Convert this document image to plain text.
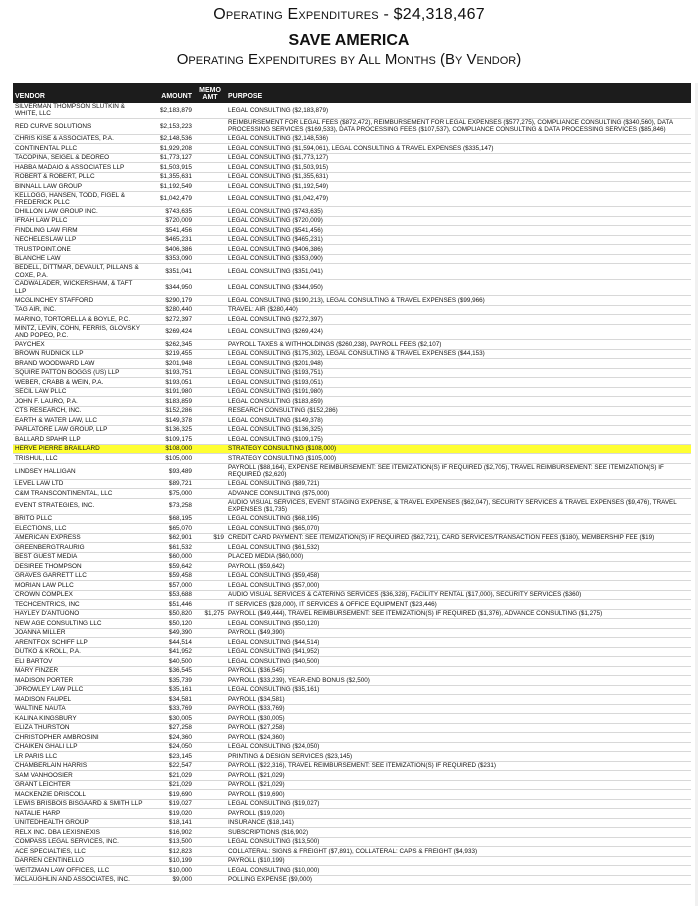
Operating Expenditures - $24,318,467
SAVE AMERICA
Operating Expenditures by All Months (By Vendor)
VENDOR	AMOUNT	MEMO AMT	PURPOSE
SILVERMAN THOMPSON SLUTKIN & WHITE, LLC	$2,183,879		LEGAL CONSULTING ($2,183,879)
RED CURVE SOLUTIONS	$2,153,223		REIMBURSEMENT FOR LEGAL FEES ($872,472), REIMBURSEMENT FOR LEGAL EXPENSES ($577,275), COMPLIANCE CONSULTING ($340,560), DATA PROCESSING SERVICES ($169,533), DATA PROCESSING FEES ($107,537), COMPLIANCE CONSULTING & DATA PROCESSING SERVICES ($85,846)
CHRIS KISE & ASSOCIATES, P.A.	$2,148,536		LEGAL CONSULTING ($2,148,536)
CONTINENTAL PLLC	$1,929,208		LEGAL CONSULTING ($1,594,061), LEGAL CONSULTING & TRAVEL EXPENSES ($335,147)
TACOPINA, SEIGEL & DEOREO	$1,773,127		LEGAL CONSULTING ($1,773,127)
HABBA MADAIO & ASSOCIATES LLP	$1,503,915		LEGAL CONSULTING ($1,503,915)
ROBERT & ROBERT, PLLC	$1,355,631		LEGAL CONSULTING ($1,355,631)
BINNALL LAW GROUP	$1,192,549		LEGAL CONSULTING ($1,192,549)
KELLOGG, HANSEN, TODD, FIGEL & FREDERICK PLLC	$1,042,479		LEGAL CONSULTING ($1,042,479)
DHILLON LAW GROUP INC.	$743,635		LEGAL CONSULTING ($743,635)
IFRAH LAW PLLC	$720,009		LEGAL CONSULTING ($720,009)
FINDLING LAW FIRM	$541,456		LEGAL CONSULTING ($541,456)
NECHELESLAW LLP	$465,231		LEGAL CONSULTING ($465,231)
TRUSTPOINT.ONE	$406,386		LEGAL CONSULTING ($406,386)
BLANCHE LAW	$353,090		LEGAL CONSULTING ($353,090)
BEDELL, DITTMAR, DEVAULT, PILLANS & COXE, P.A.	$351,041		LEGAL CONSULTING ($351,041)
CADWALADER, WICKERSHAM, & TAFT LLP	$344,950		LEGAL CONSULTING ($344,950)
MCGLINCHEY STAFFORD	$290,179		LEGAL CONSULTING ($190,213), LEGAL CONSULTING & TRAVEL EXPENSES ($99,966)
TAG AIR, INC.	$280,440		TRAVEL: AIR ($280,440)
MARINO, TORTORELLA & BOYLE, P.C.	$272,397		LEGAL CONSULTING ($272,397)
MINTZ, LEVIN, COHN, FERRIS, GLOVSKY AND POPEO, P.C.	$269,424		LEGAL CONSULTING ($269,424)
PAYCHEX	$262,345		PAYROLL TAXES & WITHHOLDINGS ($260,238), PAYROLL FEES ($2,107)
BROWN RUDNICK LLP	$219,455		LEGAL CONSULTING ($175,302), LEGAL CONSULTING & TRAVEL EXPENSES ($44,153)
BRAND WOODWARD LAW	$201,948		LEGAL CONSULTING ($201,948)
SQUIRE PATTON BOGGS (US) LLP	$193,751		LEGAL CONSULTING ($193,751)
WEBER, CRABB & WEIN, P.A.	$193,051		LEGAL CONSULTING ($193,051)
SECIL LAW PLLC	$191,980		LEGAL CONSULTING ($191,980)
JOHN F. LAURO, P.A.	$183,859		LEGAL CONSULTING ($183,859)
CTS RESEARCH, INC.	$152,286		RESEARCH CONSULTING ($152,286)
EARTH & WATER LAW, LLC	$149,378		LEGAL CONSULTING ($149,378)
PARLATORE LAW GROUP, LLP	$136,325		LEGAL CONSULTING ($136,325)
BALLARD SPAHR LLP	$109,175		LEGAL CONSULTING ($109,175)
HERVE PIERRE BRAILLARD	$108,000		STRATEGY CONSULTING ($108,000)
TRISHUL, LLC	$105,000		STRATEGY CONSULTING ($105,000)
LINDSEY HALLIGAN	$93,489		PAYROLL ($88,164), EXPENSE REIMBURSEMENT: SEE ITEMIZATION(S) IF REQUIRED ($2,705), TRAVEL REIMBURSEMENT: SEE ITEMIZATION(S) IF REQUIRED ($2,620)
LEVEL LAW LTD	$89,721		LEGAL CONSULTING ($89,721)
C&M TRANSCONTINENTAL, LLC	$75,000		ADVANCE CONSULTING ($75,000)
EVENT STRATEGIES, INC.	$73,258		AUDIO VISUAL SERVICES, EVENT STAGING EXPENSE, & TRAVEL EXPENSES ($62,047), SECURITY SERVICES & TRAVEL EXPENSES ($9,476), TRAVEL EXPENSES ($1,735)
BRITO PLLC	$68,195		LEGAL CONSULTING ($68,195)
ELECTIONS, LLC	$65,070		LEGAL CONSULTING ($65,070)
AMERICAN EXPRESS	$62,901	$19	CREDIT CARD PAYMENT: SEE ITEMIZATION(S) IF REQUIRED ($62,721), CARD SERVICES/TRANSACTION FEES ($180), MEMBERSHIP FEE ($19)
GREENBERGTRAURIG	$61,532		LEGAL CONSULTING ($61,532)
BEST GUEST MEDIA	$60,000		PLACED MEDIA ($60,000)
DESIREE THOMPSON	$59,642		PAYROLL ($59,642)
GRAVES GARRETT LLC	$59,458		LEGAL CONSULTING ($59,458)
MORIAN LAW PLLC	$57,000		LEGAL CONSULTING ($57,000)
CROWN COMPLEX	$53,688		AUDIO VISUAL SERVICES & CATERING SERVICES ($36,328), FACILITY RENTAL ($17,000), SECURITY SERVICES ($360)
TECHCENTRICS, INC	$51,446		IT SERVICES ($28,000), IT SERVICES & OFFICE EQUIPMENT ($23,446)
HAYLEY D'ANTUONO	$50,820	$1,275	PAYROLL ($49,444), TRAVEL REIMBURSEMENT: SEE ITEMIZATION(S) IF REQUIRED ($1,376), ADVANCE CONSULTING ($1,275)
NEW AGE CONSULTING LLC	$50,120		LEGAL CONSULTING ($50,120)
JOANNA MILLER	$49,390		PAYROLL ($49,390)
ARENTFOX SCHIFF LLP	$44,514		LEGAL CONSULTING ($44,514)
DUTKO & KROLL, P.A.	$41,952		LEGAL CONSULTING ($41,952)
ELI BARTOV	$40,500		LEGAL CONSULTING ($40,500)
MARY FINZER	$36,545		PAYROLL ($36,545)
MADISON PORTER	$35,739		PAYROLL ($33,239), YEAR-END BONUS ($2,500)
JPROWLEY LAW PLLC	$35,161		LEGAL CONSULTING ($35,161)
MADISON FAUPEL	$34,581		PAYROLL ($34,581)
WALTINE NAUTA	$33,769		PAYROLL ($33,769)
KALINA KINGSBURY	$30,005		PAYROLL ($30,005)
ELIZA THURSTON	$27,258		PAYROLL ($27,258)
CHRISTOPHER AMBROSINI	$24,360		PAYROLL ($24,360)
CHAIKEN GHALI LLP	$24,050		LEGAL CONSULTING ($24,050)
LR PARIS LLC	$23,145		PRINTING & DESIGN SERVICES ($23,145)
CHAMBERLAIN HARRIS	$22,547		PAYROLL ($22,316), TRAVEL REIMBURSEMENT: SEE ITEMIZATION(S) IF REQUIRED ($231)
SAM VANHOOSIER	$21,029		PAYROLL ($21,029)
GRANT LEICHTER	$21,029		PAYROLL ($21,029)
MACKENZIE DRISCOLL	$19,690		PAYROLL ($19,690)
LEWIS BRISBOIS BISGAARD & SMITH LLP	$19,027		LEGAL CONSULTING ($19,027)
NATALIE HARP	$19,020		PAYROLL ($19,020)
UNITEDHEALTH GROUP	$18,141		INSURANCE ($18,141)
RELX INC. DBA LEXISNEXIS	$16,902		SUBSCRIPTIONS ($16,902)
COMPASS LEGAL SERVICES, INC.	$13,500		LEGAL CONSULTING ($13,500)
ACE SPECIALTIES, LLC	$12,823		COLLATERAL: SIGNS & FREIGHT ($7,891), COLLATERAL: CAPS & FREIGHT ($4,933)
DARREN CENTINELLO	$10,199		PAYROLL ($10,199)
WEITZMAN LAW OFFICES, LLC	$10,000		LEGAL CONSULTING ($10,000)
MCLAUGHLIN AND ASSOCIATES, INC.	$9,000		POLLING EXPENSE ($9,000)
